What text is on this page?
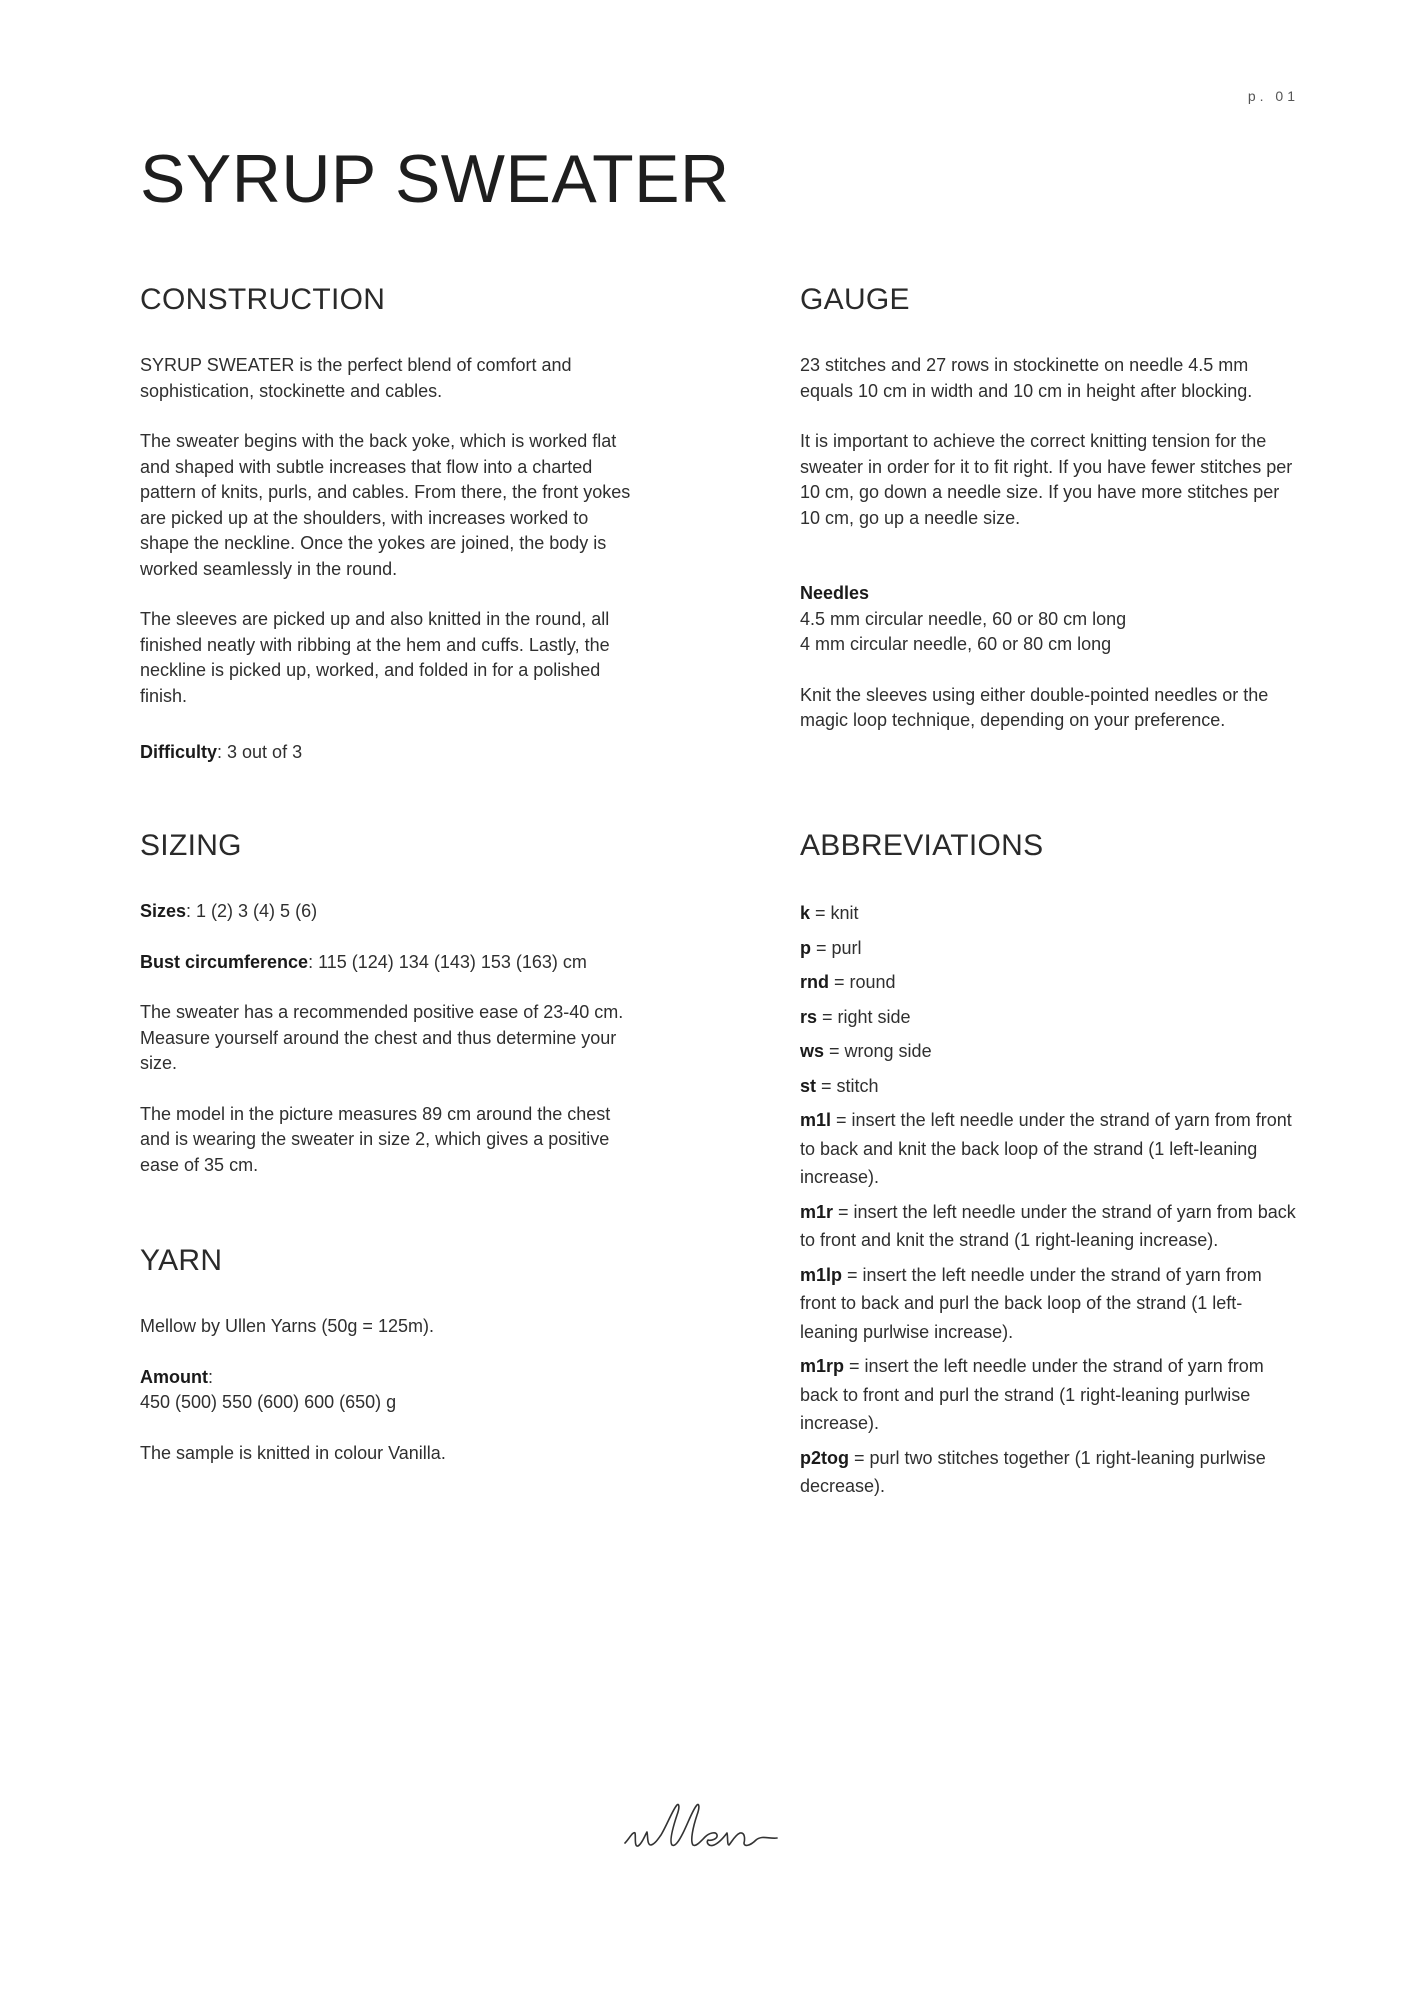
p. 01
SYRUP SWEATER
CONSTRUCTION

SYRUP SWEATER is the perfect blend of comfort and sophistication, stockinette and cables.

The sweater begins with the back yoke, which is worked flat and shaped with subtle increases that flow into a charted pattern of knits, purls, and cables. From there, the front yokes are picked up at the shoulders, with increases worked to shape the neckline. Once the yokes are joined, the body is worked seamlessly in the round.

The sleeves are picked up and also knitted in the round, all finished neatly with ribbing at the hem and cuffs. Lastly, the neckline is picked up, worked, and folded in for a polished finish.

Difficulty: 3 out of 3

SIZING

Sizes: 1 (2) 3 (4) 5 (6)

Bust circumference: 115 (124) 134 (143) 153 (163) cm

The sweater has a recommended positive ease of 23-40 cm. Measure yourself around the chest and thus determine your size.

The model in the picture measures 89 cm around the chest and is wearing the sweater in size 2, which gives a positive ease of 35 cm.

YARN

Mellow by Ullen Yarns (50g = 125m).

Amount:
450 (500) 550 (600) 600 (650) g

The sample is knitted in colour Vanilla.

GAUGE

23 stitches and 27 rows in stockinette on needle 4.5 mm equals 10 cm in width and 10 cm in height after blocking.

It is important to achieve the correct knitting tension for the sweater in order for it to fit right. If you have fewer stitches per 10 cm, go down a needle size. If you have more stitches per 10 cm, go up a needle size.

Needles
4.5 mm circular needle, 60 or 80 cm long
4 mm circular needle, 60 or 80 cm long

Knit the sleeves using either double-pointed needles or the magic loop technique, depending on your preference.

ABBREVIATIONS
k = knit
p = purl
rnd = round
rs = right side
ws = wrong side
st = stitch
m1l = insert the left needle under the strand of yarn from front to back and knit the back loop of the strand (1 left-leaning increase).
m1r = insert the left needle under the strand of yarn from back to front and knit the strand (1 right-leaning increase).
m1lp = insert the left needle under the strand of yarn from front to back and purl the back loop of the strand (1 left-leaning purlwise increase).
m1rp = insert the left needle under the strand of yarn from back to front and purl the strand (1 right-leaning purlwise increase).
p2tog = purl two stitches together (1 right-leaning purlwise decrease).
